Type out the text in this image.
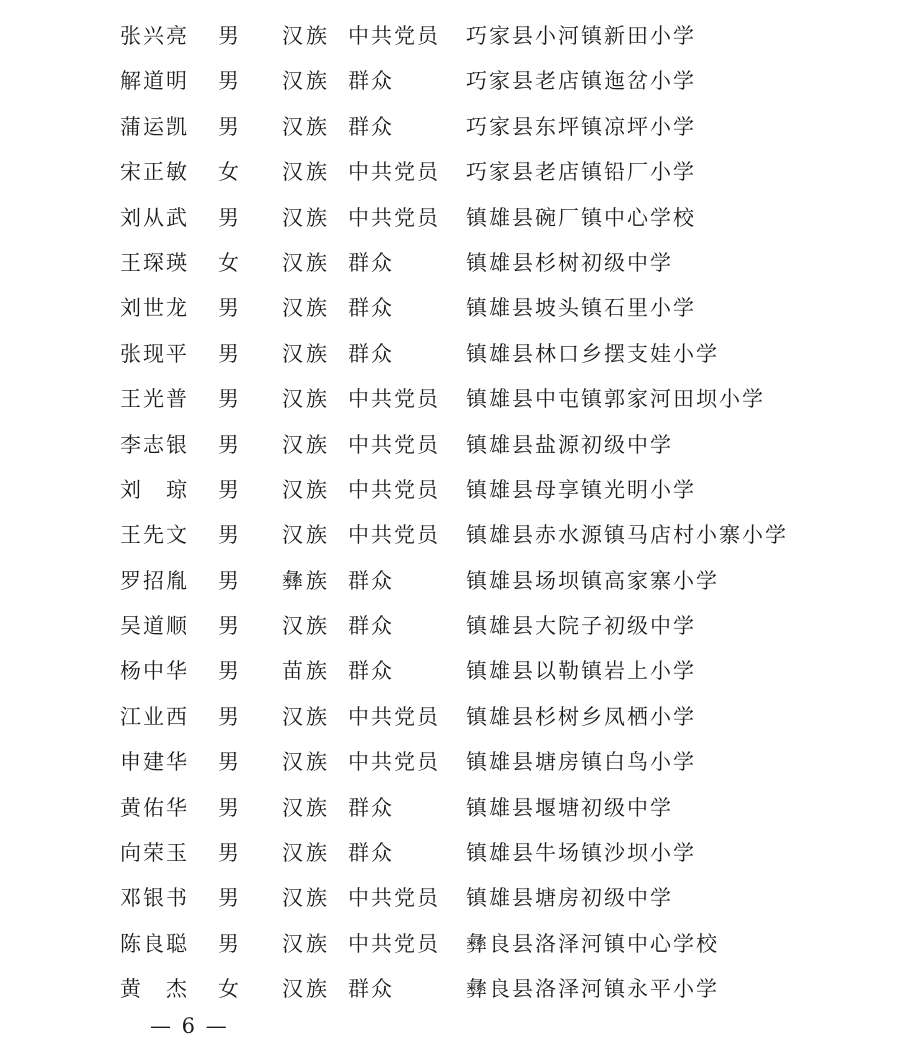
张兴亮 男 汉族 中共党员 巧家县小河镇新田小学
解道明 男 汉族 群众	巧家县老店镇迤岔小学
蒲运凯 男 汉族 群众	巧家县东坪镇凉坪小学
宋正敏 女 汉族 中共党员 巧家县老店镇铅厂小学
刘从武 男 汉族 中共党员 镇雄县碗厂镇中心学校
王琛瑛 女 汉族 群众	镇雄县杉树初级中学
刘世龙 男 汉族 群众	镇雄县坡头镇石里小学
张现平 男 汉族 群众	镇雄县林口乡摆支娃小学
王光普 男 汉族 中共党员 镇雄县中屯镇郭家河田坝小学
李志银 男 汉族 中共党员 镇雄县盐源初级中学
刘　琼 男 汉族 中共党员 镇雄县母享镇光明小学
王先文 男 汉族 中共党员 镇雄县赤水源镇马店村小寨小学
罗招胤 男 彝族 群众	镇雄县场坝镇高家寨小学
吴道顺 男 汉族 群众	镇雄县大院子初级中学
杨中华 男 苗族 群众	镇雄县以勒镇岩上小学
江业西 男 汉族 中共党员 镇雄县杉树乡凤栖小学
申建华 男 汉族 中共党员 镇雄县塘房镇白鸟小学
黄佑华 男 汉族 群众	镇雄县堰塘初级中学
向荣玉 男 汉族 群众	镇雄县牛场镇沙坝小学
邓银书 男 汉族 中共党员 镇雄县塘房初级中学
陈良聪 男 汉族 中共党员 彝良县洛泽河镇中心学校
黄　杰 女 汉族 群众	彝良县洛泽河镇永平小学
— 6 —
